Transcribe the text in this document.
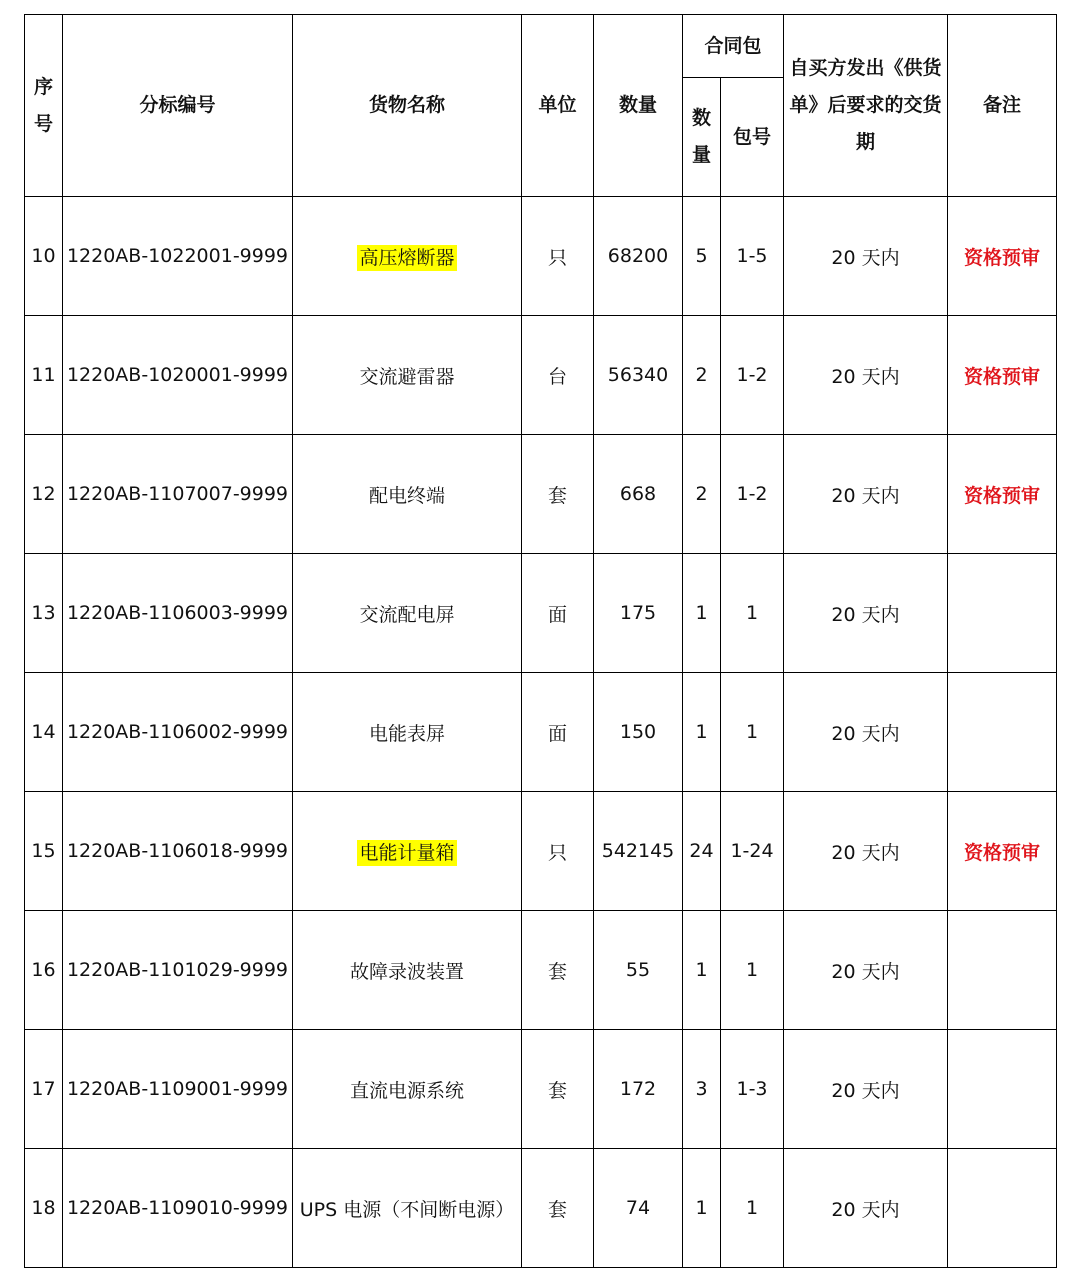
序号	分标编号	货物名称	单位	数量	合同包		自买方发出《供货单》后要求的交货期	备注
					数量	包号		
10	1220AB-1022001-9999	高压熔断器	只	68200	5	1-5	20 天内	资格预审
11	1220AB-1020001-9999	交流避雷器	台	56340	2	1-2	20 天内	资格预审
12	1220AB-1107007-9999	配电终端	套	668	2	1-2	20 天内	资格预审
13	1220AB-1106003-9999	交流配电屏	面	175	1	1	20 天内	
14	1220AB-1106002-9999	电能表屏	面	150	1	1	20 天内	
15	1220AB-1106018-9999	电能计量箱	只	542145	24	1-24	20 天内	资格预审
16	1220AB-1101029-9999	故障录波装置	套	55	1	1	20 天内	
17	1220AB-1109001-9999	直流电源系统	套	172	3	1-3	20 天内	
18	1220AB-1109010-9999	UPS 电源（不间断电源）	套	74	1	1	20 天内	
